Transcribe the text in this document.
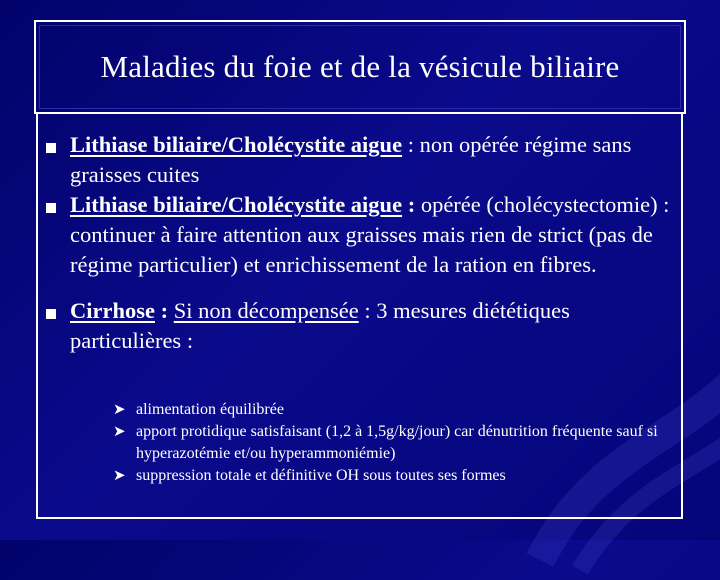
Maladies du foie et de la vésicule biliaire
Lithiase biliaire/Cholécystite aigue : non opérée régime sans graisses cuites
Lithiase biliaire/Cholécystite aigue : opérée (cholécystectomie) : continuer à faire attention aux graisses mais rien de strict (pas de régime particulier) et enrichissement de la ration en fibres.
Cirrhose : Si non décompensée : 3 mesures diététiques particulières :
➤ alimentation équilibrée
➤ apport protidique satisfaisant (1,2 à 1,5g/kg/jour) car dénutrition fréquente sauf si hyperazotémie et/ou hyperammoniémie)
➤ suppression totale et définitive OH sous toutes ses formes
